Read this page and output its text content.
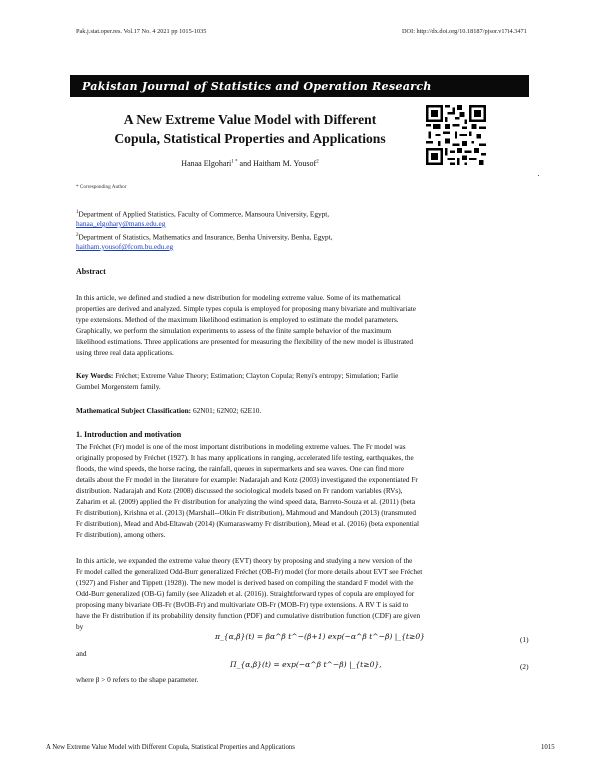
Pak.j.stat.oper.res. Vol.17 No. 4 2021 pp 1015-1035	DOI: http://dx.doi.org/10.18187/pjsor.v17i4.3471
Pakistan Journal of Statistics and Operation Research
A New Extreme Value Model with Different
Copula, Statistical Properties and Applications
Hanaa Elgohari$^{1 *}$ and Haitham M. Yousof$^2$
* Corresponding Author
$^1$Department of Applied Statistics, Faculty of Commerce, Mansoura University, Egypt,
hanaa_elgohary@mans.edu.eg
$^2$Department of Statistics, Mathematics and Insurance, Benha University, Benha, Egypt,
haitham.yousof@fcom.bu.edu.eg
Abstract
In this article, we defined and studied a new distribution for modeling extreme value. Some of its mathematical
properties are derived and analyzed. Simple types copula is employed for proposing many bivariate and multivariate
type extensions. Method of the maximum likelihood estimation is employed to estimate the model parameters.
Graphically, we perform the simulation experiments to assess of the finite sample behavior of the maximum
likelihood estimations. Three applications are presented for measuring the flexibility of the new model is illustrated
using three real data applications.
Key Words: Fréchet; Extreme Value Theory; Estimation; Clayton Copula; Renyi's entropy; Simulation; Farlie
Gumbel Morgenstern family.
Mathematical Subject Classification: 62N01; 62N02; 62E10.
1. Introduction and motivation
The Fréchet (Fr) model is one of the most important distributions in modeling extreme values. The Fr model was
originally proposed by Fréchet (1927). It has many applications in ranging, accelerated life testing, earthquakes, the
floods, the wind speeds, the horse racing, the rainfall, queues in supermarkets and sea waves. One can find more
details about the Fr model in the literature for example: Nadarajah and Kotz (2003) investigated the exponentiated Fr
distribution. Nadarajah and Kotz (2008) discussed the sociological models based on Fr random variables (RVs),
Zaharim et al. (2009) applied the Fr distribution for analyzing the wind speed data, Barreto-Souza et al. (2011) (beta
Fr distribution), Krishna et al. (2013) (Marshall--Olkin Fr distribution), Mahmoud and Mandouh (2013) (transmuted
Fr distribution), Mead and Abd-Eltawab (2014) (Kumaraswamy Fr distribution), Mead et al. (2016) (beta exponential
Fr distribution), among others.
In this article, we expanded the extreme value theory (EVT) theory by proposing and studying a new version of the
Fr model called the generalized Odd-Burr generalized Fréchet (OB-Fr) model (for more details about EVT see Fréchet
(1927) and Fisher and Tippett (1928)). The new model is derived based on compiling the standard F model with the
Odd-Burr generalized (OB-G) family (see Alizadeh et al. (2016)). Straightforward types of copula are employed for
proposing many bivariate OB-Fr (BvOB-Fr) and multivariate OB-Fr (MOB-Fr) type extensions. A RV T is said to
have the Fr distribution if its probability density function (PDF) and cumulative distribution function (CDF) are given
by
π_{α,β}(t) = βα^β t^−(β+1) exp(−α^β t^−β) |_{t≥0}	(1)
and
Π_{α,β}(t) = exp(−α^β t^−β) |_{t≥0},	(2)
where β > 0 refers to the shape parameter.
A New Extreme Value Model with Different Copula, Statistical Properties and Applications	1015
